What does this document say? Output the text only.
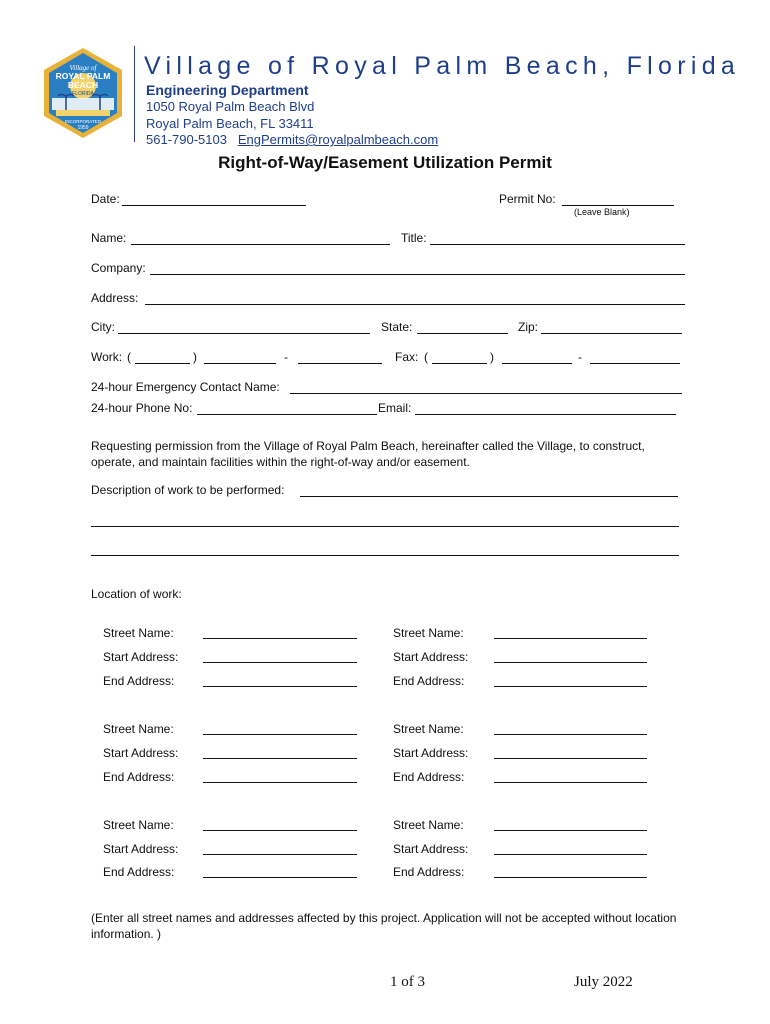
Village of
ROYAL PALM
BEACH
FLORIDA
INCORPORATED
1959
Village of Royal Palm Beach, Florida
Engineering Department
1050 Royal Palm Beach Blvd
Royal Palm Beach, FL 33411
561-790-5103 EngPermits@royalpalmbeach.com
Right-of-Way/Easement Utilization Permit
Date:	Permit No:
(Leave Blank)
Name:	Title:
Company:
Address:
City:	State:	Zip:
Work: (	)	-	Fax: (	)	-
24-hour Emergency Contact Name:
24-hour Phone No:	Email:
Requesting permission from the Village of Royal Palm Beach, hereinafter called the Village, to construct, operate, and maintain facilities within the right-of-way and/or easement.
Description of work to be performed:
Location of work:
Street Name:	Street Name:
Start Address:	Start Address:
End Address:	End Address:
Street Name:	Street Name:
Start Address:	Start Address:
End Address:	End Address:
Street Name:	Street Name:
Start Address:	Start Address:
End Address:	End Address:
(Enter all street names and addresses affected by this project. Application will not be accepted without location information. )
1 of 3	July 2022
